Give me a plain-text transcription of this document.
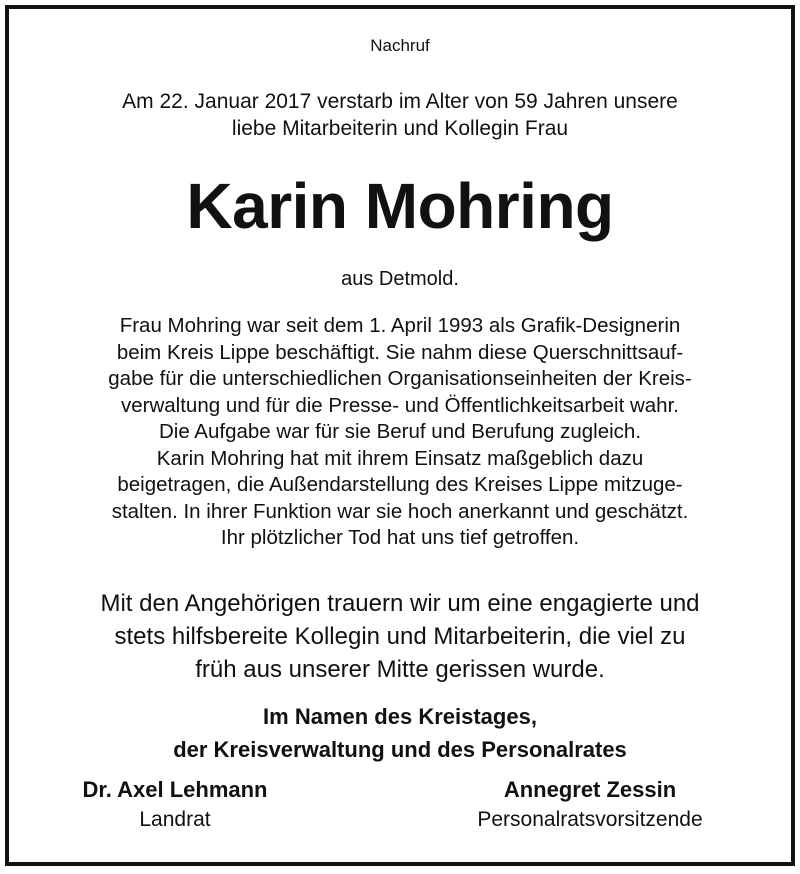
Nachruf
Am 22. Januar 2017 verstarb im Alter von 59 Jahren unsere
liebe Mitarbeiterin und Kollegin Frau
Karin Mohring
aus Detmold.
Frau Mohring war seit dem 1. April 1993 als Grafik-Designerin
beim Kreis Lippe beschäftigt. Sie nahm diese Querschnittsauf-
gabe für die unterschiedlichen Organisationseinheiten der Kreis-
verwaltung und für die Presse- und Öffentlichkeitsarbeit wahr.
Die Aufgabe war für sie Beruf und Berufung zugleich.
Karin Mohring hat mit ihrem Einsatz maßgeblich dazu
beigetragen, die Außendarstellung des Kreises Lippe mitzuge-
stalten. In ihrer Funktion war sie hoch anerkannt und geschätzt.
Ihr plötzlicher Tod hat uns tief getroffen.
Mit den Angehörigen trauern wir um eine engagierte und
stets hilfsbereite Kollegin und Mitarbeiterin, die viel zu
früh aus unserer Mitte gerissen wurde.
Im Namen des Kreistages,
der Kreisverwaltung und des Personalrates
Dr. Axel Lehmann
Landrat
Annegret Zessin
Personalratsvorsitzende
